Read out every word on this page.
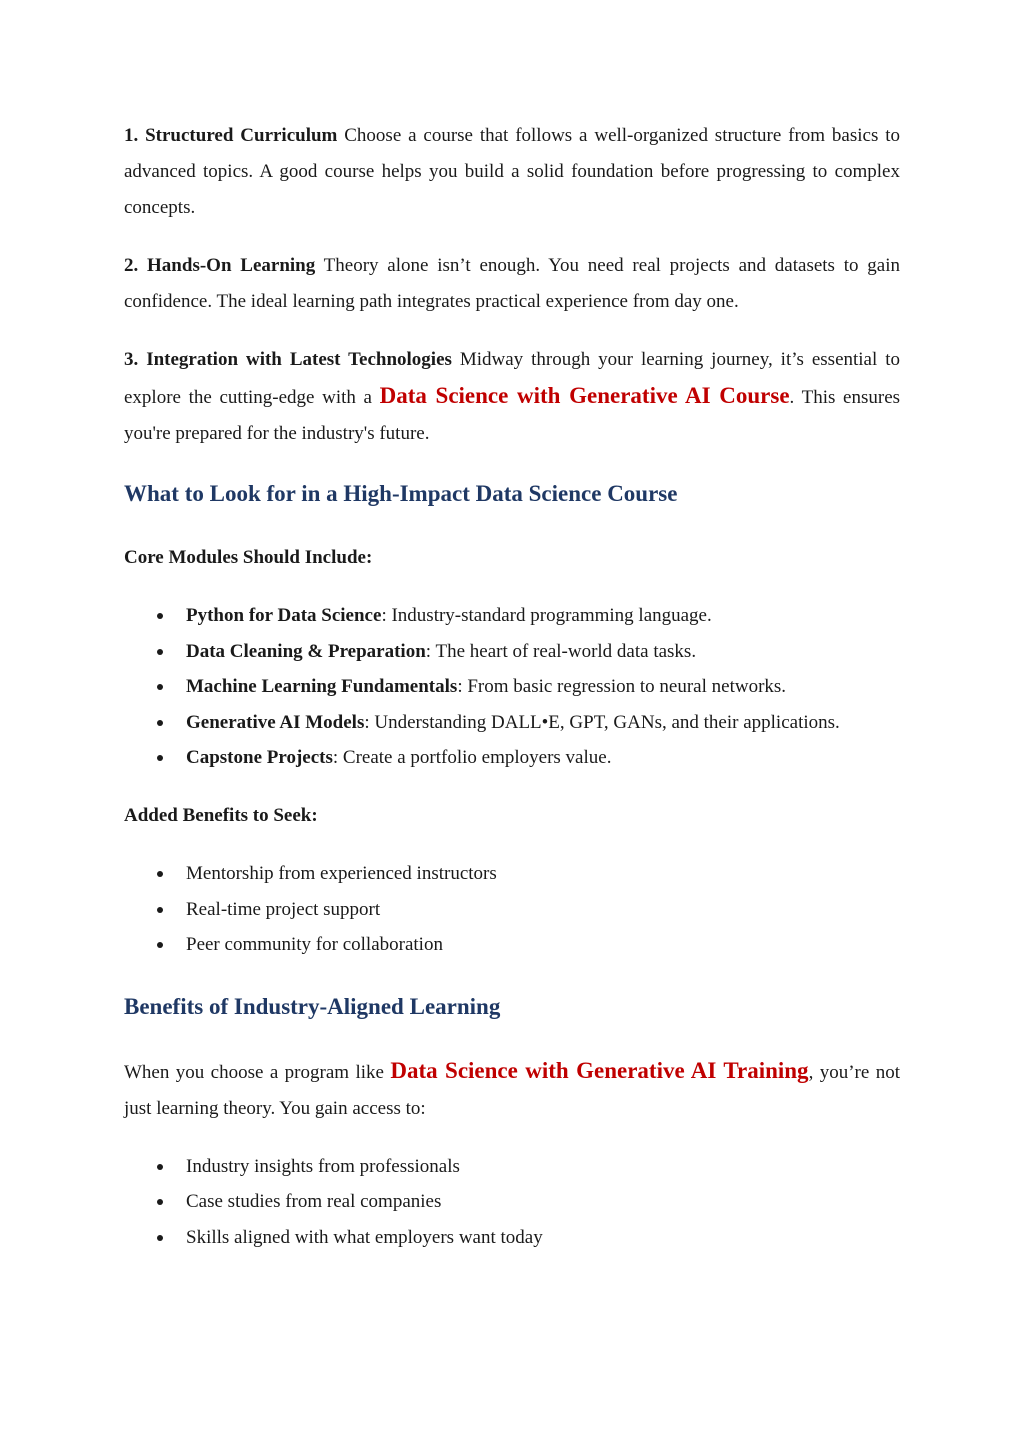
1. Structured Curriculum Choose a course that follows a well-organized structure from basics to advanced topics. A good course helps you build a solid foundation before progressing to complex concepts.

2. Hands-On Learning Theory alone isn’t enough. You need real projects and datasets to gain confidence. The ideal learning path integrates practical experience from day one.

3. Integration with Latest Technologies Midway through your learning journey, it’s essential to explore the cutting-edge with a Data Science with Generative AI Course. This ensures you're prepared for the industry's future.

What to Look for in a High-Impact Data Science Course
Core Modules Should Include:
Python for Data Science: Industry-standard programming language.
Data Cleaning & Preparation: The heart of real-world data tasks.
Machine Learning Fundamentals: From basic regression to neural networks.
Generative AI Models: Understanding DALL•E, GPT, GANs, and their applications.
Capstone Projects: Create a portfolio employers value.
Added Benefits to Seek:
Mentorship from experienced instructors
Real-time project support
Peer community for collaboration
Benefits of Industry-Aligned Learning

When you choose a program like Data Science with Generative AI Training, you’re not just learning theory. You gain access to:

Industry insights from professionals
Case studies from real companies
Skills aligned with what employers want today
